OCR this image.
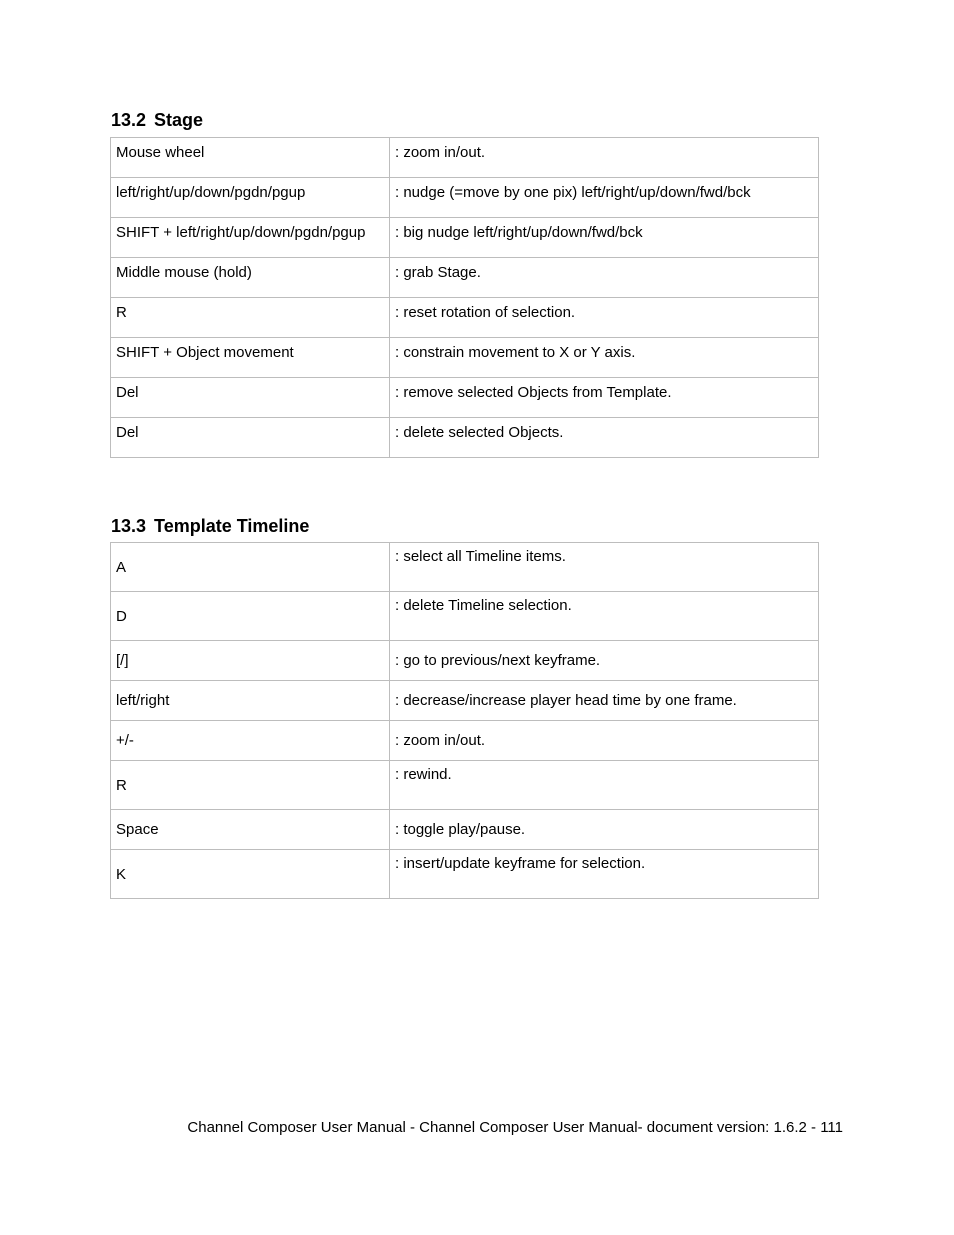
13.2 Stage
Mouse wheel	: zoom in/out.
left/right/up/down/pgdn/pgup	: nudge (=move by one pix) left/right/up/down/fwd/bck
SHIFT + left/right/up/down/pgdn/pgup	: big nudge left/right/up/down/fwd/bck
Middle mouse (hold)	: grab Stage.
R	: reset rotation of selection.
SHIFT + Object movement	: constrain movement to X or Y axis.
Del	: remove selected Objects from Template.
Del	: delete selected Objects.
13.3 Template Timeline
A	: select all Timeline items.
D	: delete Timeline selection.
[/]	: go to previous/next keyframe.
left/right	: decrease/increase player head time by one frame.
+/-	: zoom in/out.
R	: rewind.
Space	: toggle play/pause.
K	: insert/update keyframe for selection.

Channel Composer User Manual - Channel Composer User Manual- document version: 1.6.2 - 111
